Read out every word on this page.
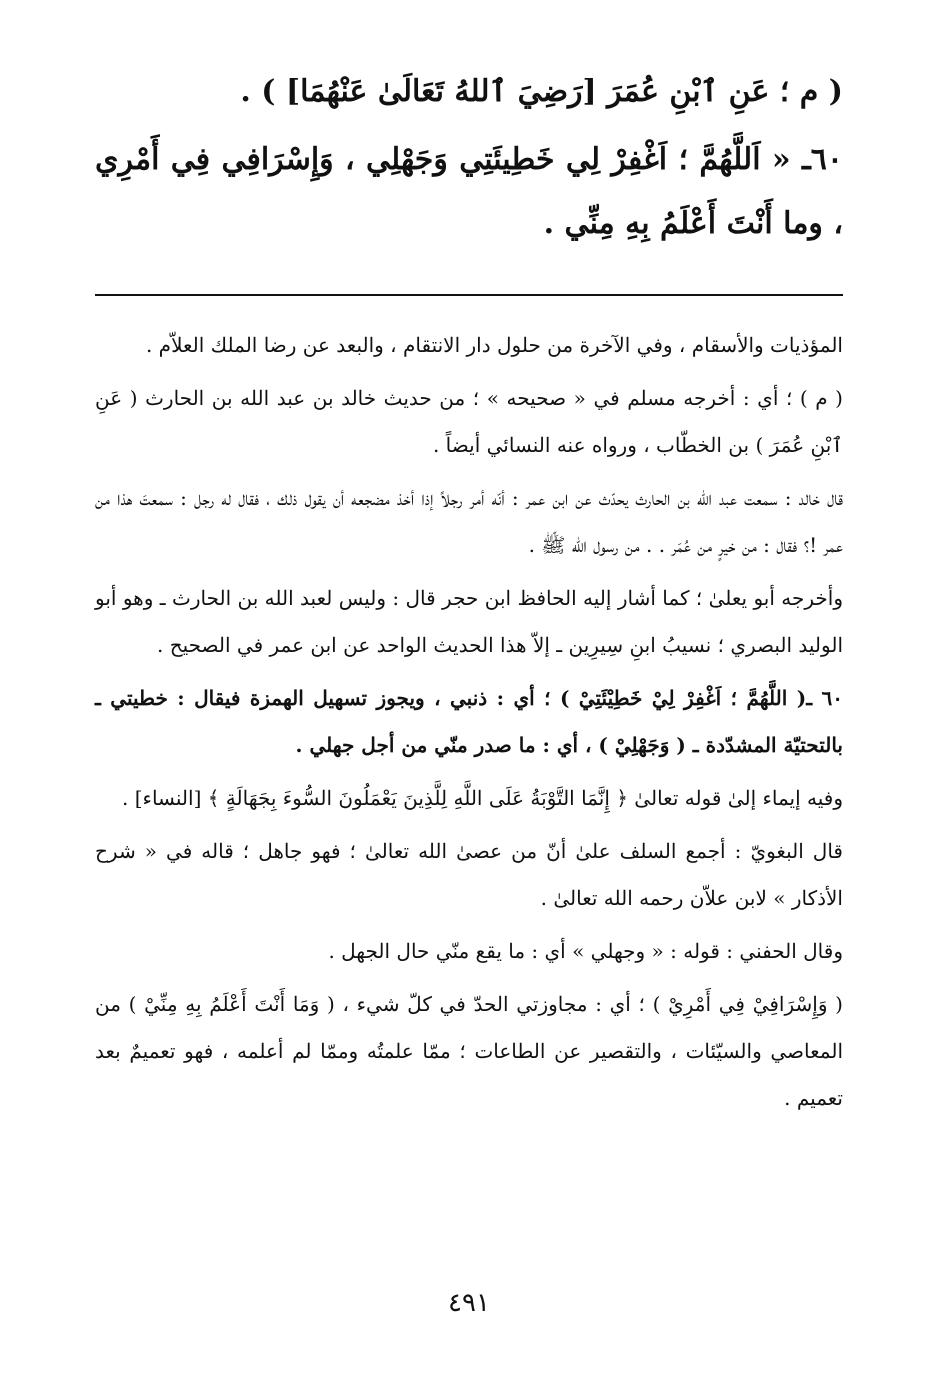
( م ؛ عَنِ ٱبْنِ عُمَرَ [رَضِيَ ٱللهُ تَعَالَىٰ عَنْهُمَا] ) .

٦٠ـ « اَللَّهُمَّ ؛ اَغْفِرْ لِي خَطِيئَتِي وَجَهْلِي ، وَإِسْرَافِي فِي أَمْرِي ، وما أَنْتَ أَعْلَمُ بِهِ مِنِّي .

المؤذيات والأسقام ، وفي الآخرة من حلول دار الانتقام ، والبعد عن رضا الملك العلاّم .

( م ) ؛ أي : أخرجه مسلم في « صحيحه » ؛ من حديث خالد بن عبد الله بن الحارث ( عَنِ ٱبْنِ عُمَرَ ) بن الخطّاب ، ورواه عنه النسائي أيضاً .

قال خالد : سمعت عبد الله بن الحارث يحدّث عن ابن عمر : أنّه أمر رجلاً إذا أخذ مضجعه أن يقول ذلك ، فقال له رجل : سمعتَ هذا من عمر !؟ فقال : من خيرٍ من عُمَر . . من رسول الله ﷺ .

وأخرجه أبو يعلىٰ ؛ كما أشار إليه الحافظ ابن حجر قال : وليس لعبد الله بن الحارث ـ وهو أبو الوليد البصري ؛ نسيبُ ابنِ سِيرِين ـ إلاّ هذا الحديث الواحد عن ابن عمر في الصحيح .

٦٠ ـ( اللَّهُمَّ ؛ اَغْفِرْ لِيْ خَطِيْئَتِيْ ) ؛ أي : ذنبي ، ويجوز تسهيل الهمزة فيقال : خطيتي ـ بالتحتيّة المشدّدة ـ ( وَجَهْلِيْ ) ، أي : ما صدر منّي من أجل جهلي .

وفيه إيماء إلىٰ قوله تعالىٰ ﴿ إِنَّمَا التَّوْبَةُ عَلَى اللَّهِ لِلَّذِينَ يَعْمَلُونَ السُّوءَ بِجَهَالَةٍ ﴾ [النساء] .

قال البغويّ : أجمع السلف علىٰ أنّ من عصىٰ الله تعالىٰ ؛ فهو جاهل ؛ قاله في « شرح الأذكار » لابن علاّن رحمه الله تعالىٰ .

وقال الحفني : قوله : « وجهلي » أي : ما يقع منّي حال الجهل .

( وَإِسْرَافِيْ فِي أَمْرِيْ ) ؛ أي : مجاوزتي الحدّ في كلّ شيء ، ( وَمَا أَنْتَ أَعْلَمُ بِهِ مِنِّيْ ) من المعاصي والسيّئات ، والتقصير عن الطاعات ؛ ممّا علمتُه وممّا لم أعلمه ، فهو تعميمٌ بعد تعميم .

٤٩١
